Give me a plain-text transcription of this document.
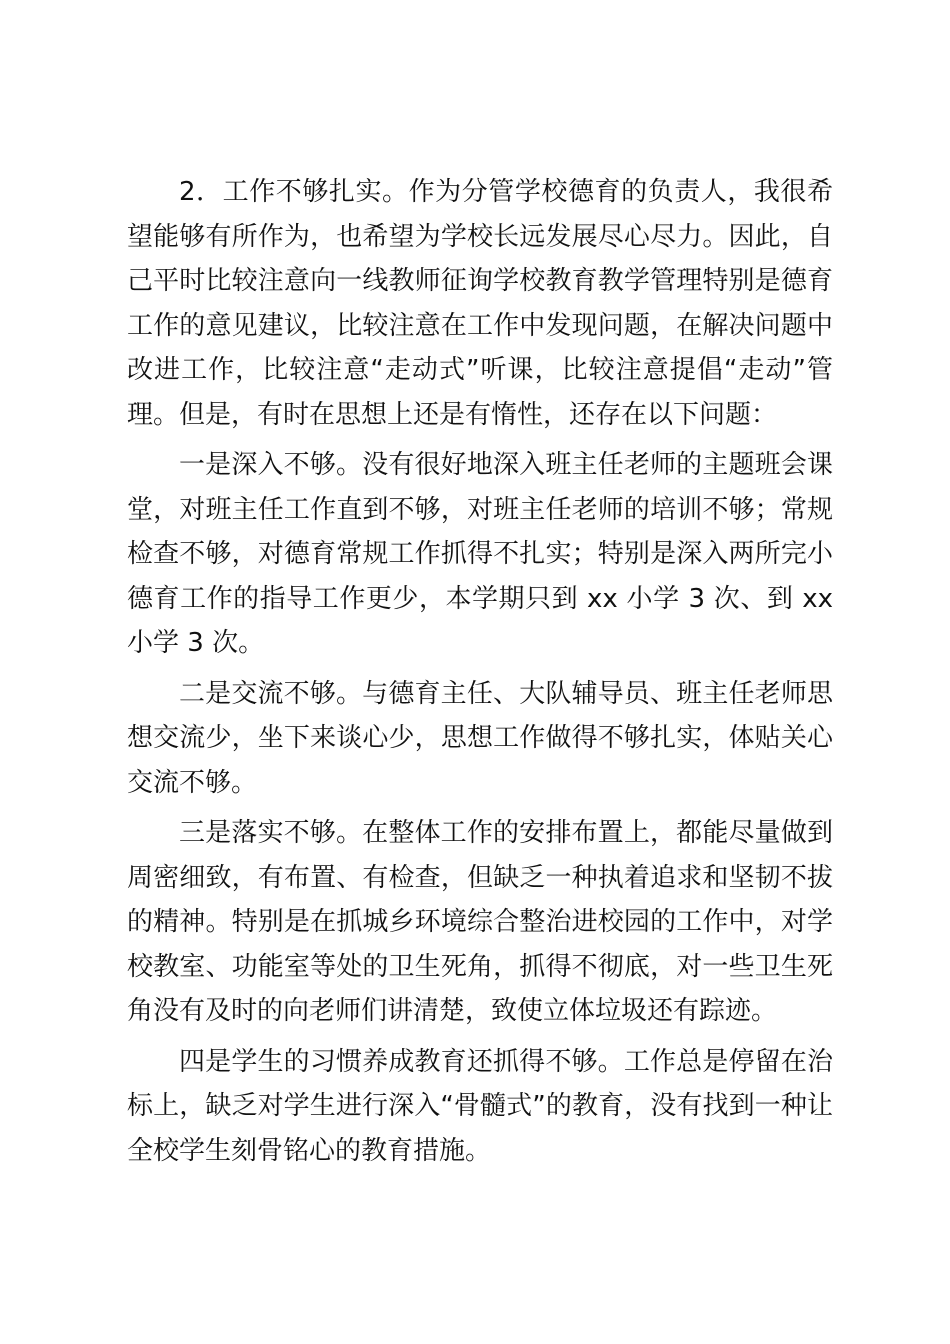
2．工作不够扎实。作为分管学校德育的负责人，我很希望能够有所作为，也希望为学校长远发展尽心尽力。因此，自己平时比较注意向一线教师征询学校教育教学管理特别是德育工作的意见建议，比较注意在工作中发现问题，在解决问题中改进工作，比较注意“走动式”听课，比较注意提倡“走动”管理。但是，有时在思想上还是有惰性，还存在以下问题：

一是深入不够。没有很好地深入班主任老师的主题班会课堂，对班主任工作直到不够，对班主任老师的培训不够；常规检查不够，对德育常规工作抓得不扎实；特别是深入两所完小德育工作的指导工作更少，本学期只到 xx 小学 3 次、到 xx 小学 3 次。

二是交流不够。与德育主任、大队辅导员、班主任老师思想交流少，坐下来谈心少，思想工作做得不够扎实，体贴关心交流不够。

三是落实不够。在整体工作的安排布置上，都能尽量做到周密细致，有布置、有检查，但缺乏一种执着追求和坚韧不拔的精神。特别是在抓城乡环境综合整治进校园的工作中，对学校教室、功能室等处的卫生死角，抓得不彻底，对一些卫生死角没有及时的向老师们讲清楚，致使立体垃圾还有踪迹。

四是学生的习惯养成教育还抓得不够。工作总是停留在治标上，缺乏对学生进行深入“骨髓式”的教育，没有找到一种让全校学生刻骨铭心的教育措施。
